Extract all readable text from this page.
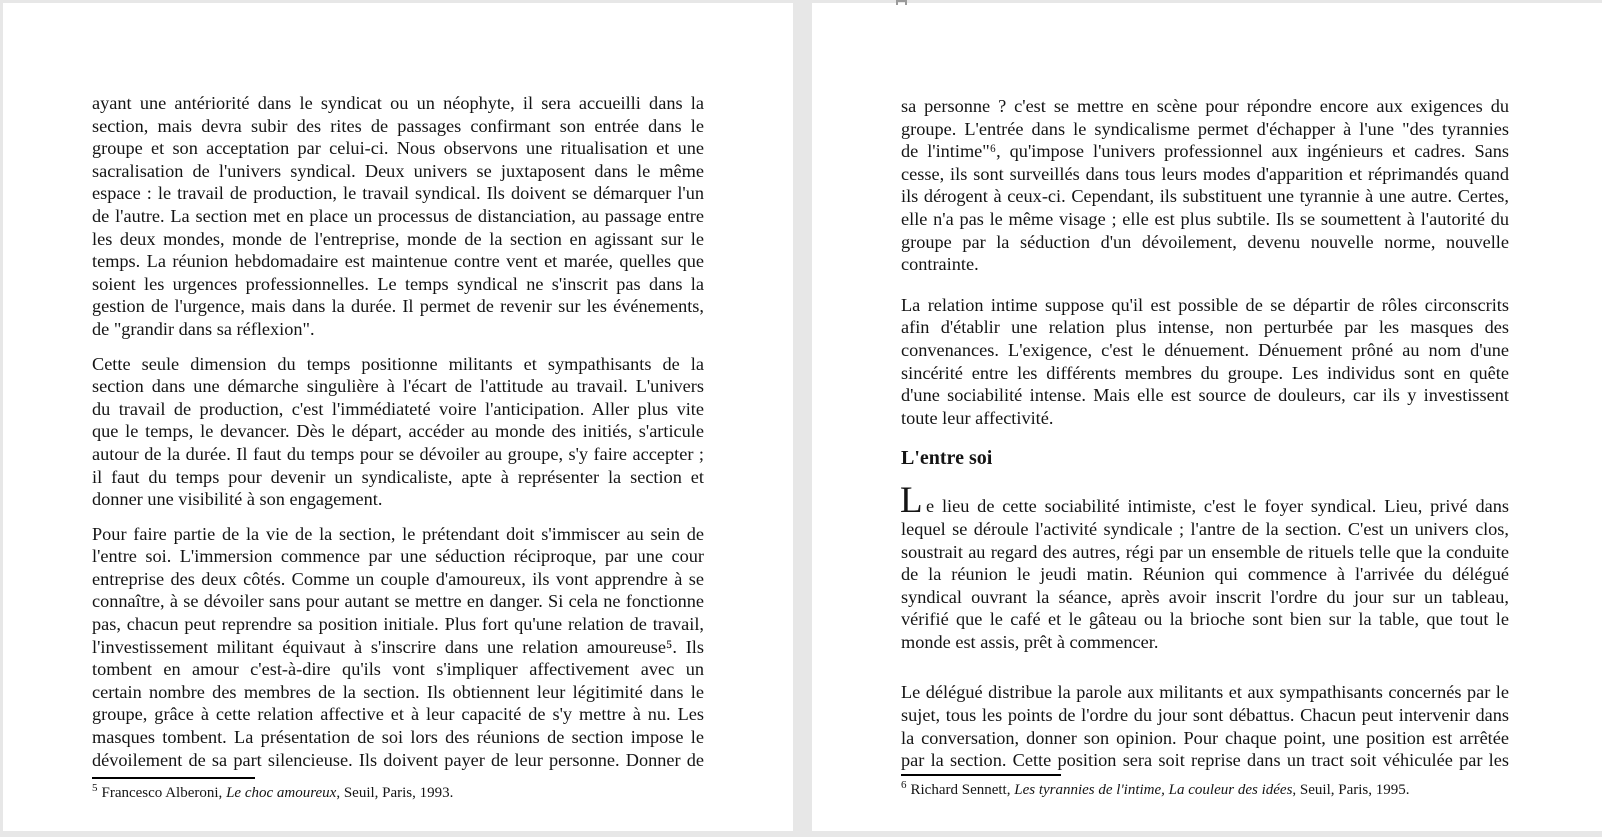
ayant une antériorité dans le syndicat ou un néophyte, il sera accueilli dans la
section, mais devra subir des rites de passages confirmant son entrée dans le
groupe et son acceptation par celui-ci. Nous observons une ritualisation et une
sacralisation de l'univers syndical. Deux univers se juxtaposent dans le même
espace : le travail de production, le travail syndical. Ils doivent se démarquer l'un
de l'autre. La section met en place un processus de distanciation, au passage entre
les deux mondes, monde de l'entreprise, monde de la section en agissant sur le
temps. La réunion hebdomadaire est maintenue contre vent et marée, quelles que
soient les urgences professionnelles. Le temps syndical ne s'inscrit pas dans la
gestion de l'urgence, mais dans la durée. Il permet de revenir sur les événements,
de "grandir dans sa réflexion".
Cette seule dimension du temps positionne militants et sympathisants de la
section dans une démarche singulière à l'écart de l'attitude au travail. L'univers
du travail de production, c'est l'immédiateté voire l'anticipation. Aller plus vite
que le temps, le devancer. Dès le départ, accéder au monde des initiés, s'articule
autour de la durée. Il faut du temps pour se dévoiler au groupe, s'y faire accepter ;
il faut du temps pour devenir un syndicaliste, apte à représenter la section et
donner une visibilité à son engagement.
Pour faire partie de la vie de la section, le prétendant doit s'immiscer au sein de
l'entre soi. L'immersion commence par une séduction réciproque, par une cour
entreprise des deux côtés. Comme un couple d'amoureux, ils vont apprendre à se
connaître, à se dévoiler sans pour autant se mettre en danger. Si cela ne fonctionne
pas, chacun peut reprendre sa position initiale. Plus fort qu'une relation de travail,
l'investissement militant équivaut à s'inscrire dans une relation amoureuse⁵. Ils
tombent en amour c'est-à-dire qu'ils vont s'impliquer affectivement avec un
certain nombre des membres de la section. Ils obtiennent leur légitimité dans le
groupe, grâce à cette relation affective et à leur capacité de s'y mettre à nu. Les
masques tombent. La présentation de soi lors des réunions de section impose le
dévoilement de sa part silencieuse. Ils doivent payer de leur personne. Donner de
$^5$ Francesco Alberoni, Le choc amoureux, Seuil, Paris, 1993.
sa personne ? c'est se mettre en scène pour répondre encore aux exigences du
groupe. L'entrée dans le syndicalisme permet d'échapper à l'une "des tyrannies
de l'intime"⁶, qu'impose l'univers professionnel aux ingénieurs et cadres. Sans
cesse, ils sont surveillés dans tous leurs modes d'apparition et réprimandés quand
ils dérogent à ceux-ci. Cependant, ils substituent une tyrannie à une autre. Certes,
elle n'a pas le même visage ; elle est plus subtile. Ils se soumettent à l'autorité du
groupe par la séduction d'un dévoilement, devenu nouvelle norme, nouvelle
contrainte.
La relation intime suppose qu'il est possible de se départir de rôles circonscrits
afin d'établir une relation plus intense, non perturbée par les masques des
convenances. L'exigence, c'est le dénuement. Dénuement prôné au nom d'une
sincérité entre les différents membres du groupe. Les individus sont en quête
d'une sociabilité intense. Mais elle est source de douleurs, car ils y investissent
toute leur affectivité.
L'entre soi
L e lieu de cette sociabilité intimiste, c'est le foyer syndical. Lieu, privé dans
lequel se déroule l'activité syndicale ; l'antre de la section. C'est un univers clos,
soustrait au regard des autres, régi par un ensemble de rituels telle que la conduite
de la réunion le jeudi matin. Réunion qui commence à l'arrivée du délégué
syndical ouvrant la séance, après avoir inscrit l'ordre du jour sur un tableau,
vérifié que le café et le gâteau ou la brioche sont bien sur la table, que tout le
monde est assis, prêt à commencer.
Le délégué distribue la parole aux militants et aux sympathisants concernés par le
sujet, tous les points de l'ordre du jour sont débattus. Chacun peut intervenir dans
la conversation, donner son opinion. Pour chaque point, une position est arrêtée
par la section. Cette position sera soit reprise dans un tract soit véhiculée par les
$^6$ Richard Sennett, Les tyrannies de l'intime, La couleur des idées, Seuil, Paris, 1995.
